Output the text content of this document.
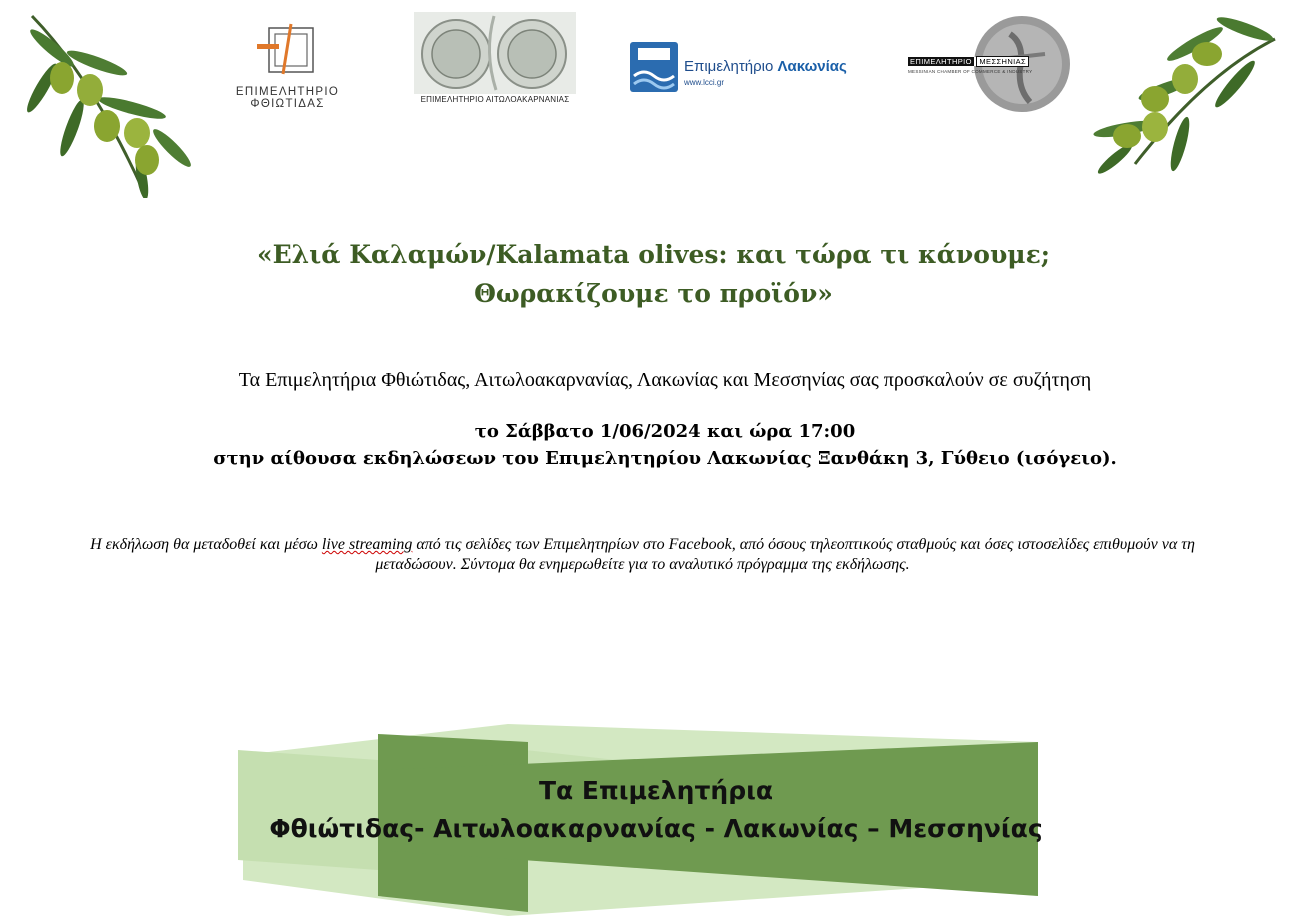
ΕΠΙΜΕΛΗΤΗΡΙΟ ΦΘΙΩΤΙΔΑΣ	ΕΠΙΜΕΛΗΤΗΡΙΟ ΑΙΤΩΛΟΑΚΑΡΝΑΝΙΑΣ
Επιμελητήριο Λακωνίας
www.lcci.gr
ΕΠΙΜΕΛΗΤΗΡΙΟ ΜΕΣΣΗΝΙΑΣ
MESSINIAN CHAMBER OF COMMERCE & INDUSTRY
«Ελιά Καλαμών/Kalamata olives: και τώρα τι κάνουμε;
Θωρακίζουμε το προϊόν»
Τα Επιμελητήρια Φθιώτιδας, Αιτωλοακαρνανίας, Λακωνίας και Μεσσηνίας σας προσκαλούν σε συζήτηση
το Σάββατο 1/06/2024 και ώρα 17:00
στην αίθουσα εκδηλώσεων του Επιμελητηρίου Λακωνίας Ξανθάκη 3, Γύθειο (ισόγειο).
Η εκδήλωση θα μεταδοθεί και μέσω live streaming από τις σελίδες των Επιμελητηρίων στο Facebook, από όσους τηλεοπτικούς σταθμούς και όσες ιστοσελίδες επιθυμούν να τη μεταδώσουν. Σύντομα θα ενημερωθείτε για το αναλυτικό πρόγραμμα της εκδήλωσης.
Τα Επιμελητήρια
Φθιώτιδας- Αιτωλοακαρνανίας - Λακωνίας – Μεσσηνίας
